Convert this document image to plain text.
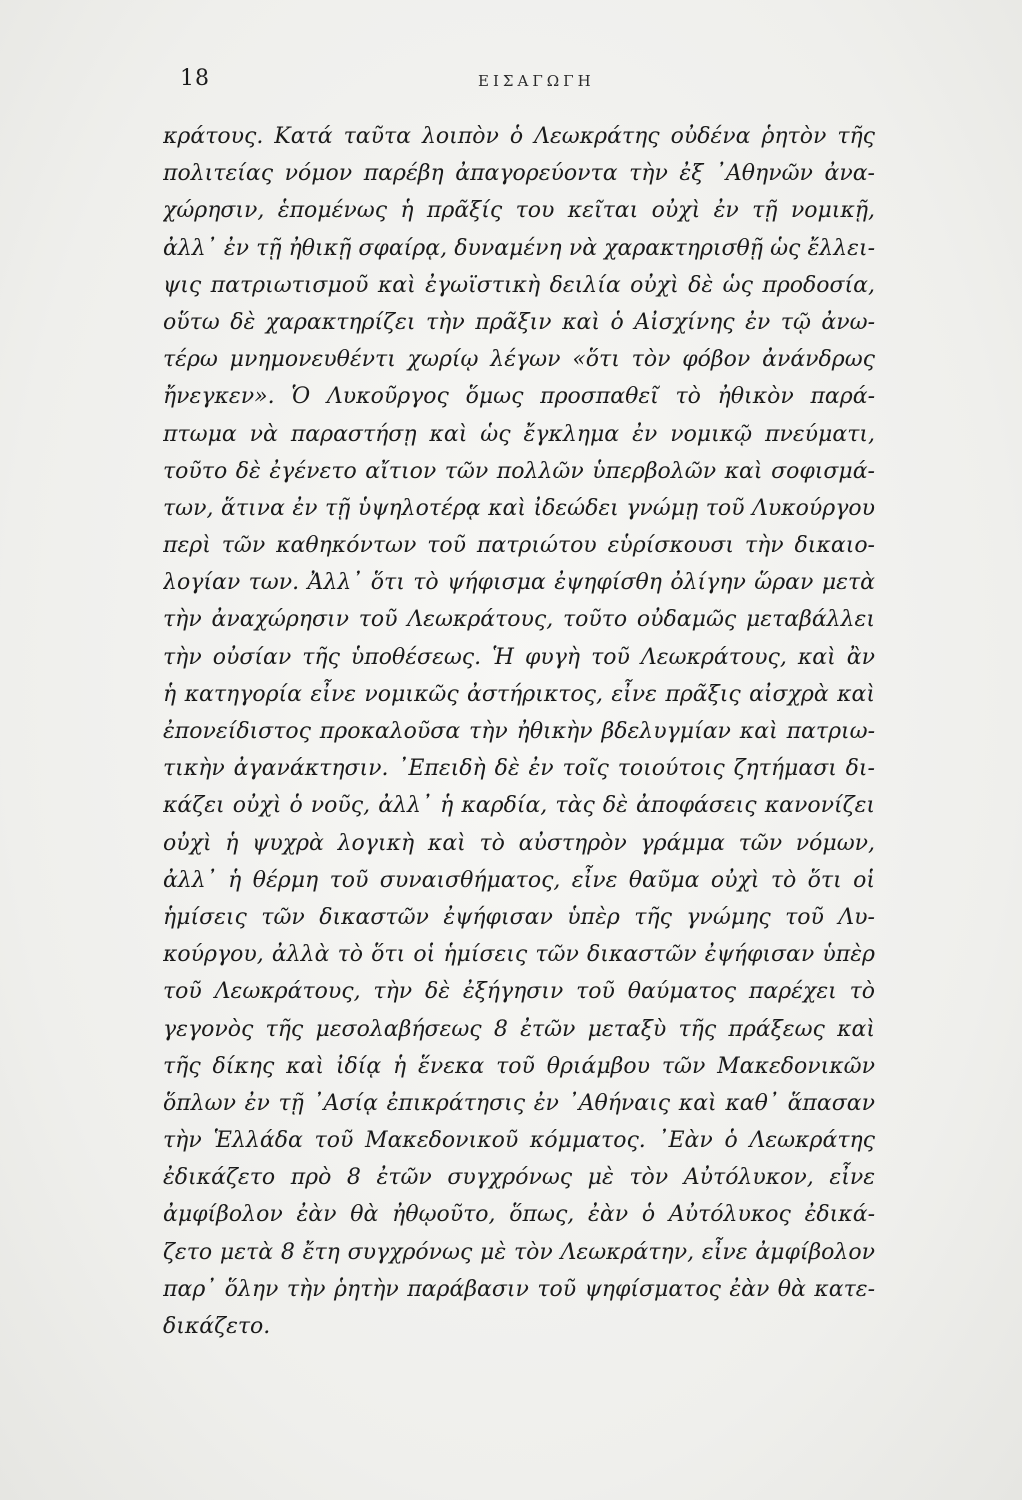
18	ΕΙΣΑΓΩΓΗ
κράτους. Κατά ταῦτα λοιπὸν ὁ Λεωκράτης οὐδένα ῥητὸν τῆς
πολιτείας νόμον παρέβη ἀπαγορεύοντα τὴν ἐξ ᾿Αθηνῶν ἀνα-
χώρησιν, ἑπομένως ἡ πρᾶξίς του κεῖται οὐχὶ ἐν τῇ νομικῇ,
ἀλλ᾿ ἐν τῇ ἠθικῇ σφαίρᾳ, δυναμένη νὰ χαρακτηρισθῇ ὡς ἔλλει-
ψις πατριωτισμοῦ καὶ ἐγωϊστικὴ δειλία οὐχὶ δὲ ὡς προδοσία,
οὕτω δὲ χαρακτηρίζει τὴν πρᾶξιν καὶ ὁ Αἰσχίνης ἐν τῷ ἀνω-
τέρω μνημονευθέντι χωρίῳ λέγων «ὅτι τὸν φόβον ἀνάνδρως
ἤνεγκεν». Ὁ Λυκοῦργος ὅμως προσπαθεῖ τὸ ἠθικὸν παρά-
πτωμα νὰ παραστήσῃ καὶ ὡς ἔγκλημα ἐν νομικῷ πνεύματι,
τοῦτο δὲ ἐγένετο αἴτιον τῶν πολλῶν ὑπερβολῶν καὶ σοφισμά-
των, ἅτινα ἐν τῇ ὑψηλοτέρᾳ καὶ ἰδεώδει γνώμῃ τοῦ Λυκούργου
περὶ τῶν καθηκόντων τοῦ πατριώτου εὑρίσκουσι τὴν δικαιο-
λογίαν των. Ἀλλ᾿ ὅτι τὸ ψήφισμα ἐψηφίσθη ὀλίγην ὥραν μετὰ
τὴν ἀναχώρησιν τοῦ Λεωκράτους, τοῦτο οὐδαμῶς μεταβάλλει
τὴν οὐσίαν τῆς ὑποθέσεως. Ἡ φυγὴ τοῦ Λεωκράτους, καὶ ἂν
ἡ κατηγορία εἶνε νομικῶς ἀστήρικτος, εἶνε πρᾶξις αἰσχρὰ καὶ
ἐπονείδιστος προκαλοῦσα τὴν ἠθικὴν βδελυγμίαν καὶ πατριω-
τικὴν ἀγανάκτησιν. ᾿Επειδὴ δὲ ἐν τοῖς τοιούτοις ζητήμασι δι-
κάζει οὐχὶ ὁ νοῦς, ἀλλ᾿ ἡ καρδία, τὰς δὲ ἀποφάσεις κανονίζει
οὐχὶ ἡ ψυχρὰ λογικὴ καὶ τὸ αὐστηρὸν γράμμα τῶν νόμων,
ἀλλ᾿ ἡ θέρμη τοῦ συναισθήματος, εἶνε θαῦμα οὐχὶ τὸ ὅτι οἱ
ἡμίσεις τῶν δικαστῶν ἐψήφισαν ὑπὲρ τῆς γνώμης τοῦ Λυ-
κούργου, ἀλλὰ τὸ ὅτι οἱ ἡμίσεις τῶν δικαστῶν ἐψήφισαν ὑπὲρ
τοῦ Λεωκράτους, τὴν δὲ ἐξήγησιν τοῦ θαύματος παρέχει τὸ
γεγονὸς τῆς μεσολαβήσεως 8 ἐτῶν μεταξὺ τῆς πράξεως καὶ
τῆς δίκης καὶ ἰδίᾳ ἡ ἕνεκα τοῦ θριάμβου τῶν Μακεδονικῶν
ὅπλων ἐν τῇ ᾿Ασίᾳ ἐπικράτησις ἐν ᾿Αθήναις καὶ καθ᾿ ἅπασαν
τὴν Ἑλλάδα τοῦ Μακεδονικοῦ κόμματος. ᾿Εὰν ὁ Λεωκράτης
ἐδικάζετο πρὸ 8 ἐτῶν συγχρόνως μὲ τὸν Αὐτόλυκον, εἶνε
ἀμφίβολον ἐὰν θὰ ἠθῳοῦτο, ὅπως, ἐὰν ὁ Αὐτόλυκος ἐδικά-
ζετο μετὰ 8 ἔτη συγχρόνως μὲ τὸν Λεωκράτην, εἶνε ἀμφίβολον
παρ᾿ ὅλην τὴν ῥητὴν παράβασιν τοῦ ψηφίσματος ἐὰν θὰ κατε-
δικάζετο.
